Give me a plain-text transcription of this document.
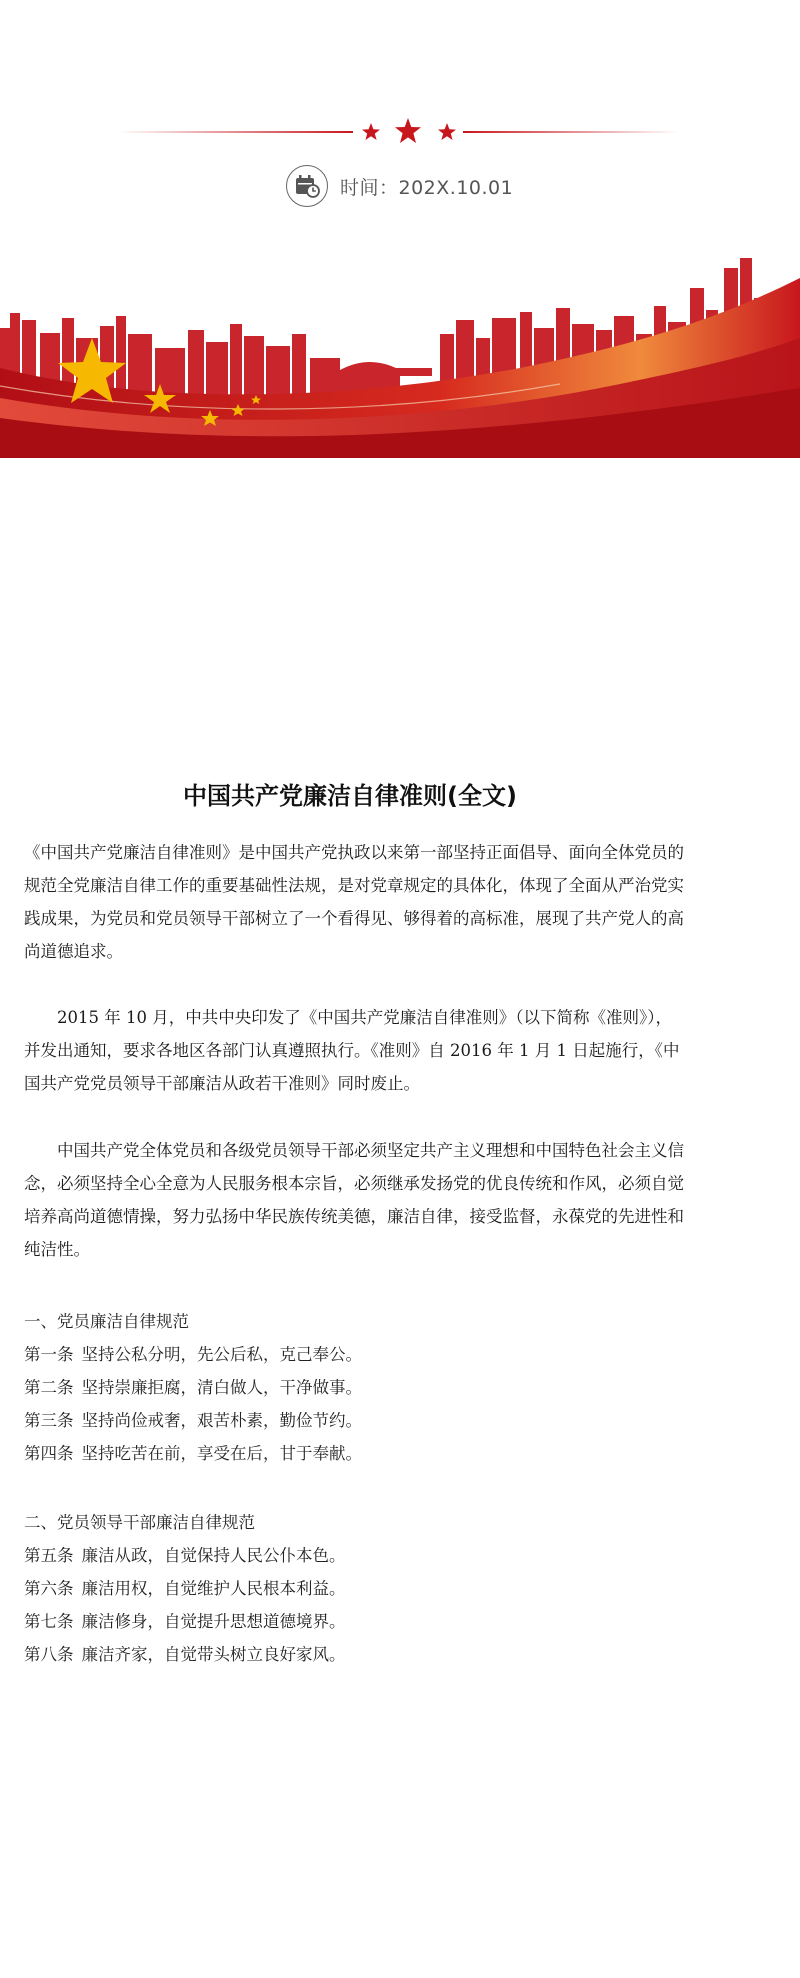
时间：202X.10.01
中国共产党廉洁自律准则(全文)

《中国共产党廉洁自律准则》是中国共产党执政以来第一部坚持正面倡导、面向全体党员的规范全党廉洁自律工作的重要基础性法规，是对党章规定的具体化，体现了全面从严治党实践成果，为党员和党员领导干部树立了一个看得见、够得着的高标准，展现了共产党人的高尚道德追求。

2015 年 10 月，中共中央印发了《中国共产党廉洁自律准则》（以下简称《准则》），并发出通知，要求各地区各部门认真遵照执行。《准则》自 2016 年 1 月 1 日起施行，《中国共产党党员领导干部廉洁从政若干准则》同时废止。

中国共产党全体党员和各级党员领导干部必须坚定共产主义理想和中国特色社会主义信念，必须坚持全心全意为人民服务根本宗旨，必须继承发扬党的优良传统和作风，必须自觉培养高尚道德情操，努力弘扬中华民族传统美德，廉洁自律，接受监督，永葆党的先进性和纯洁性。

一、党员廉洁自律规范

第一条 坚持公私分明，先公后私，克己奉公。

第二条 坚持崇廉拒腐，清白做人，干净做事。

第三条 坚持尚俭戒奢，艰苦朴素，勤俭节约。

第四条 坚持吃苦在前，享受在后，甘于奉献。

二、党员领导干部廉洁自律规范

第五条 廉洁从政，自觉保持人民公仆本色。

第六条 廉洁用权，自觉维护人民根本利益。

第七条 廉洁修身，自觉提升思想道德境界。

第八条 廉洁齐家，自觉带头树立良好家风。
